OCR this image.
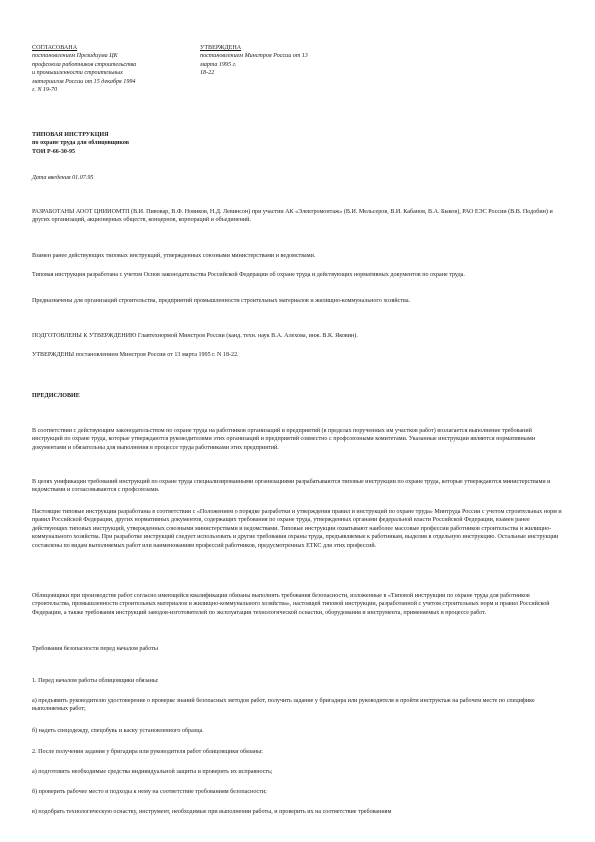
СОГЛАСОВАНА
постановлением Президиума ЦК
профсоюза работников строительства
и промышленности строительных
материалов России от 15 декабря 1994
г. N 19-70
УТВЕРЖДЕНА
постановлением Минстроя России от 13
марта 1995 г.
18-22
ТИПОВАЯ ИНСТРУКЦИЯ
по охране труда для облицовщиков
ТОИ Р-66-30-95
Дата введения 01.07.95

РАЗРАБОТАНЫ АООТ ЦНИИОМТП (В.И. Пивовар, В.Ф. Новиков, Н.Д. Левинсон) при участии АК «Электромонтаж» (В.И. Мельсеров, В.И. Кабанов, В.А. Быков), РАО ЕЭС России (В.В. Подобин) и других организаций, акционерных обществ, концернов, корпораций и объединений.

Взамен ранее действующих типовых инструкций, утвержденных союзными министерствами и ведомствами.

Типовая инструкция разработана с учетом Основ законодательства Российской Федерации об охране труда и действующих нормативных документов по охране труда.

Предназначены для организаций строительства, предприятий промышленности строительных материалов и жилищно-коммунального хозяйства.

ПОДГОТОВЛЕНЫ К УТВЕРЖДЕНИЮ Главтехнормой Минстроя России (канд. техн. наук В.А. Алехова, инж. В.К. Яковин).

УТВЕРЖДЕНЫ постановлением Минстроя России от 13 марта 1995 г. N 18-22.

ПРЕДИСЛОВИЕ

В соответствии с действующим законодательством по охране труда на работников организаций и предприятий (в пределах порученных им участков работ) возлагается выполнение требований инструкций по охране труда, которые утверждаются руководителями этих организаций и предприятий совместно с профсоюзными комитетами. Указанные инструкции являются нормативными документами и обязательны для выполнения в процессе труда работниками этих предприятий.

В целях унификации требований инструкций по охране труда специализированными организациями разрабатываются типовые инструкции по охране труда, которые утверждаются министерствами и ведомствами и согласовываются с профсоюзами.

Настоящие типовые инструкции разработаны в соответствии с «Положением о порядке разработки и утверждения правил и инструкций по охране труда» Минтруда России с учетом строительных норм и правил Российской Федерации, других нормативных документов, содержащих требования по охране труда, утвержденных органами федеральной власти Российской Федерации, взамен ранее действующих типовых инструкций, утвержденных союзными министерствами и ведомствами. Типовые инструкции охватывают наиболее массовые профессии работников строительства и жилищно-коммунального хозяйства. При разработке инструкций следует использовать и другие требования охраны труда, предъявляемые к работникам, выделив в отдельную инструкцию. Остальные инструкции составлены по видам выполняемых работ или наименованиям профессий работников, предусмотренных ЕТКС для этих профессий.

Облицовщики при производстве работ согласно имеющейся квалификации обязаны выполнять требования безопасности, изложенные в «Типовой инструкции по охране труда для работников строительства, промышленности строительных материалов и жилищно-коммунального хозяйства», настоящей типовой инструкции, разработанной с учетом строительных норм и правил Российской Федерации, а также требования инструкций заводов-изготовителей по эксплуатации технологической оснастки, оборудования и инструмента, применяемых в процессе работ.

Требования безопасности перед началом работы

1. Перед началом работы облицовщики обязаны:

а) предъявить руководителю удостоверение о проверке знаний безопасных методов работ, получить задание у бригадира или руководителя и пройти инструктаж на рабочем месте по специфике выполняемых работ;

б) надеть спецодежду, спецобувь и каску установленного образца.

2. После получения задания у бригадира или руководителя работ облицовщики обязаны:

а) подготовить необходимые средства индивидуальной защиты и проверить их исправность;

б) проверить рабочее место и подходы к нему на соответствие требованиям безопасности;

в) подобрать технологическую оснастку, инструмент, необходимые при выполнении работы, и проверить их на соответствие требованиям
